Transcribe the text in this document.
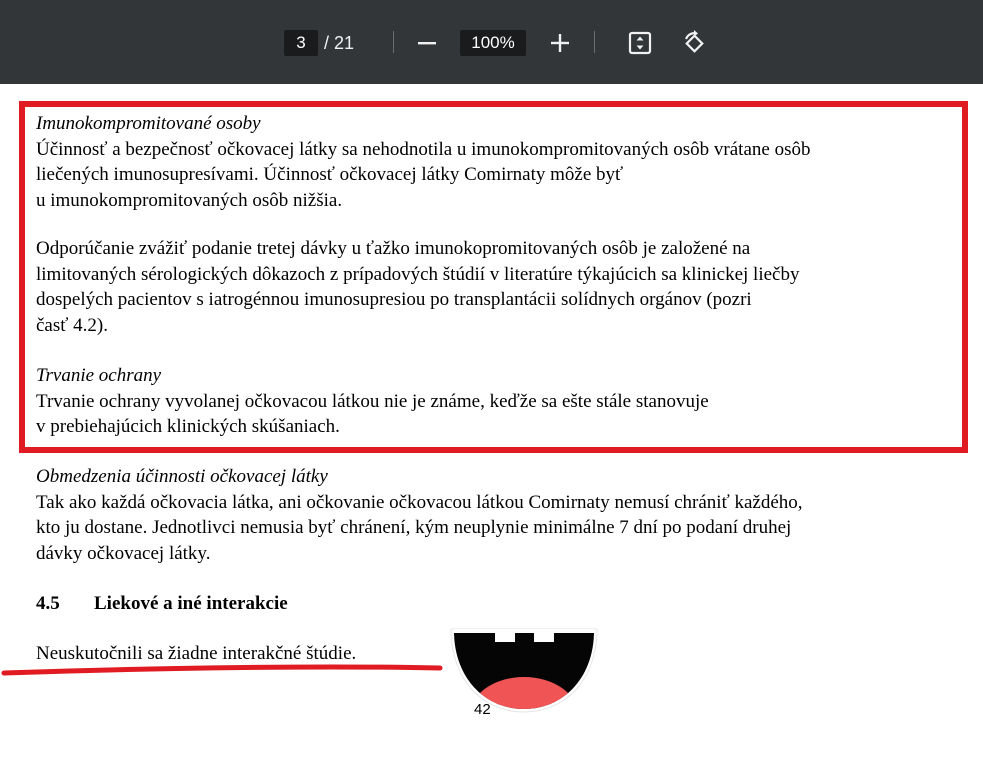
3
/ 21	100%
Imunokompromitované osoby
Účinnosť a bezpečnosť očkovacej látky sa nehodnotila u imunokompromitovaných osôb vrátane osôb
liečených imunosupresívami. Účinnosť očkovacej látky Comirnaty môže byť
u imunokompromitovaných osôb nižšia.
Odporúčanie zvážiť podanie tretej dávky u ťažko imunokopromitovaných osôb je založené na
limitovaných sérologických dôkazoch z prípadových štúdií v literatúre týkajúcich sa klinickej liečby
dospelých pacientov s iatrogénnou imunosupresiou po transplantácii solídnych orgánov (pozri
časť 4.2).
Trvanie ochrany
Trvanie ochrany vyvolanej očkovacou látkou nie je známe, keďže sa ešte stále stanovuje
v prebiehajúcich klinických skúšaniach.
Obmedzenia účinnosti očkovacej látky
Tak ako každá očkovacia látka, ani očkovanie očkovacou látkou Comirnaty nemusí chrániť každého,
kto ju dostane. Jednotlivci nemusia byť chránení, kým neuplynie minimálne 7 dní po podaní druhej
dávky očkovacej látky.
4.5 Liekové a iné interakcie
Neuskutočnili sa žiadne interakčné štúdie.
42
